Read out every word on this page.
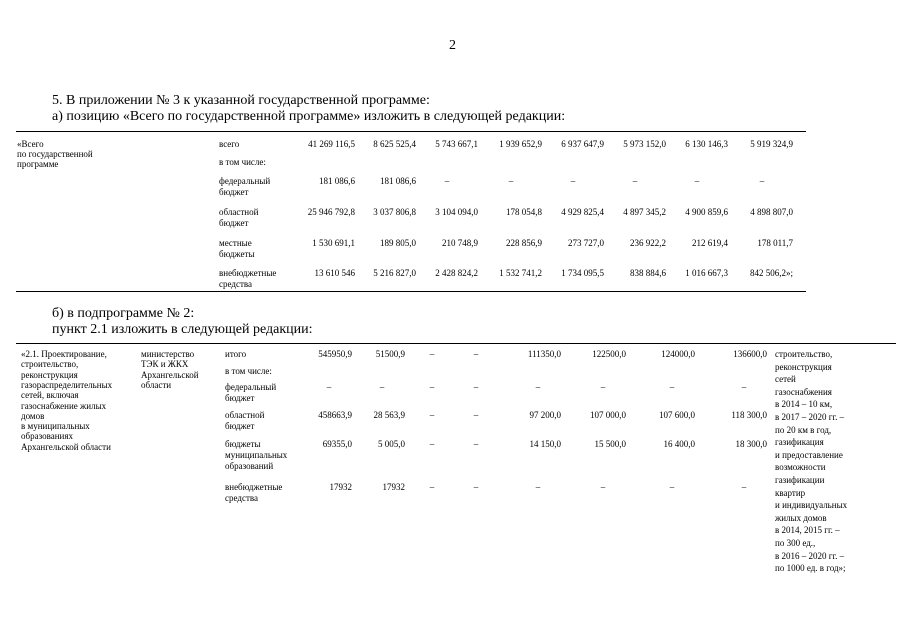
2
5. В приложении № 3 к указанной государственной программе:
а) позицию «Всего по государственной программе» изложить в следующей редакции:
«Всего
по государственной
программе
всего	41 269 116,5	8 625 525,4	5 743 667,1	1 939 652,9	6 937 647,9	5 973 152,0	6 130 146,3	5 919 324,9
в том числе:
федеральный
бюджет
181 086,6	181 086,6	–	–	–	–	–	–
областной
бюджет
25 946 792,8	3 037 806,8	3 104 094,0	178 054,8	4 929 825,4	4 897 345,2	4 900 859,6	4 898 807,0
местные
бюджеты
1 530 691,1	189 805,0	210 748,9	228 856,9	273 727,0	236 922,2	212 619,4	178 011,7
внебюджетные
средства
13 610 546	5 216 827,0	2 428 824,2	1 532 741,2	1 734 095,5	838 884,6	1 016 667,3	842 506,2»;
б) в подпрограмме № 2:
пункт 2.1 изложить в следующей редакции:
«2.1. Проектирование,
строительство,
реконструкция
газораспределительных
сетей, включая
газоснабжение жилых
домов
в муниципальных
образованиях
Архангельской области
министерство
ТЭК и ЖКХ
Архангельской
области
итого	545950,9	51500,9	–	–	111350,0	122500,0	124000,0	136600,0
в том числе:
федеральный
бюджет
–	–	–	–	–	–	–	–
областной
бюджет
458663,9	28 563,9	–	–	97 200,0	107 000,0	107 600,0	118 300,0
бюджеты
муниципальных
образований
69355,0	5 005,0	–	–	14 150,0	15 500,0	16 400,0	18 300,0
внебюджетные
средства
17932	17932	–	–	–	–	–	–
строительство,
реконструкция
сетей
газоснабжения
в 2014 – 10 км,
в 2017 – 2020 гг. –
по 20 км в год,
газификация
и предоставление
возможности
газификации
квартир
и индивидуальных
жилых домов
в 2014, 2015 гг. –
по 300 ед.,
в 2016 – 2020 гг. –
по 1000 ед. в год»;
